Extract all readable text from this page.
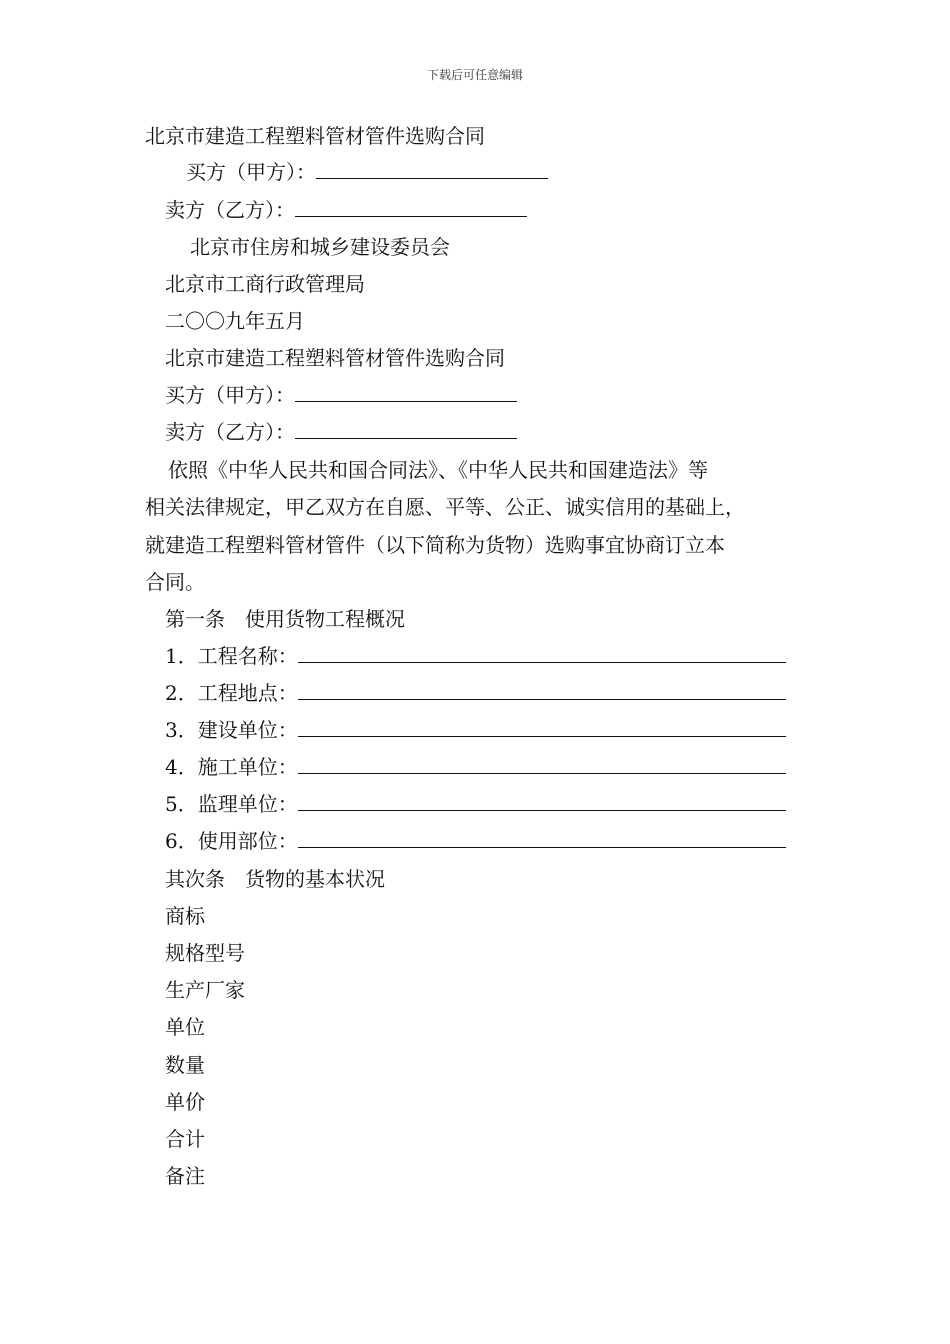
下载后可任意编辑
北京市建造工程塑料管材管件选购合同
买方（甲方）：
卖方（乙方）：
北京市住房和城乡建设委员会
北京市工商行政管理局
二〇〇九年五月
北京市建造工程塑料管材管件选购合同
买方（甲方）：
卖方（乙方）：
依照《中华人民共和国合同法》、《中华人民共和国建造法》等
相关法律规定，甲乙双方在自愿、平等、公正、诚实信用的基础上，
就建造工程塑料管材管件（以下简称为货物）选购事宜协商订立本
合同。
第一条　使用货物工程概况
1．工程名称：
2．工程地点：
3．建设单位：
4．施工单位：
5．监理单位：
6．使用部位：
其次条　货物的基本状况
商标
规格型号
生产厂家
单位
数量
单价
合计
备注
